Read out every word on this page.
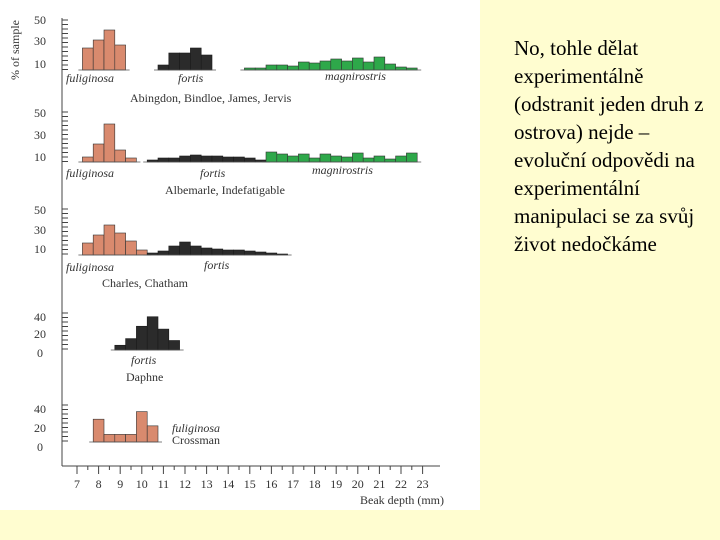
% of sample
50
30
10
fuliginosa	fortis	magnirostris
Abingdon, Bindloe, James, Jervis
50
30
10
fuliginosa	fortis	magnirostris
Albemarle, Indefatigable
50
30
10
fuliginosa	fortis
Charles, Chatham
40
20
0	fortis
Daphne
40
20
0
fuliginosa
Crossman
7 8 9 10 11 12 13 14 15 16 17 18 19 20 21 22 23
Beak depth (mm)

No, tohle dělat experimentálně (odstranit jeden druh z ostrova) nejde – evoluční odpovědi na experimentální manipulaci se za svůj život nedočkáme
